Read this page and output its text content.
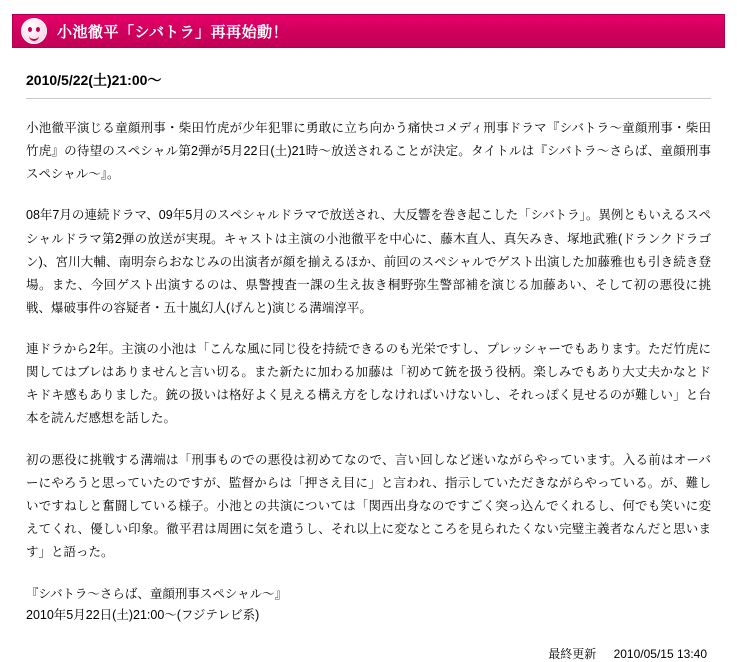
小池徹平「シバトラ」再再始動！
2010/5/22(土)21:00〜

小池徹平演じる童顔刑事・柴田竹虎が少年犯罪に勇敢に立ち向かう痛快コメディ刑事ドラマ『シバトラ〜童顔刑事・柴田竹虎』の待望のスペシャル第2弾が5月22日(土)21時〜放送されることが決定。タイトルは『シバトラ〜さらば、童顔刑事スペシャル〜』。

08年7月の連続ドラマ、09年5月のスペシャルドラマで放送され、大反響を巻き起こした「シバトラ」。異例ともいえるスペシャルドラマ第2弾の放送が実現。キャストは主演の小池徹平を中心に、藤木直人、真矢みき、塚地武雅(ドランクドラゴン)、宮川大輔、南明奈らおなじみの出演者が顔を揃えるほか、前回のスペシャルでゲスト出演した加藤雅也も引き続き登場。また、今回ゲスト出演するのは、県警捜査一課の生え抜き桐野弥生警部補を演じる加藤あい、そして初の悪役に挑戦、爆破事件の容疑者・五十嵐幻人(げんと)演じる溝端淳平。

連ドラから2年。主演の小池は「こんな風に同じ役を持続できるのも光栄ですし、プレッシャーでもあります。ただ竹虎に関してはブレはありませんと言い切る。また新たに加わる加藤は「初めて銃を扱う役柄。楽しみでもあり大丈夫かなとドキドキ感もありました。銃の扱いは格好よく見える構え方をしなければいけないし、それっぽく見せるのが難しい」と台本を読んだ感想を話した。

初の悪役に挑戦する溝端は「刑事ものでの悪役は初めてなので、言い回しなど迷いながらやっています。入る前はオーバーにやろうと思っていたのですが、監督からは「押さえ目に」と言われ、指示していただきながらやっている。が、難しいですねしと奮闘している様子。小池との共演については「関西出身なのですごく突っ込んでくれるし、何でも笑いに変えてくれ、優しい印象。徹平君は周囲に気を遣うし、それ以上に変なところを見られたくない完璧主義者なんだと思います」と語った。

『シバトラ〜さらば、童顔刑事スペシャル〜』
2010年5月22日(土)21:00〜(フジテレビ系)
最終更新 2010/05/15 13:40
